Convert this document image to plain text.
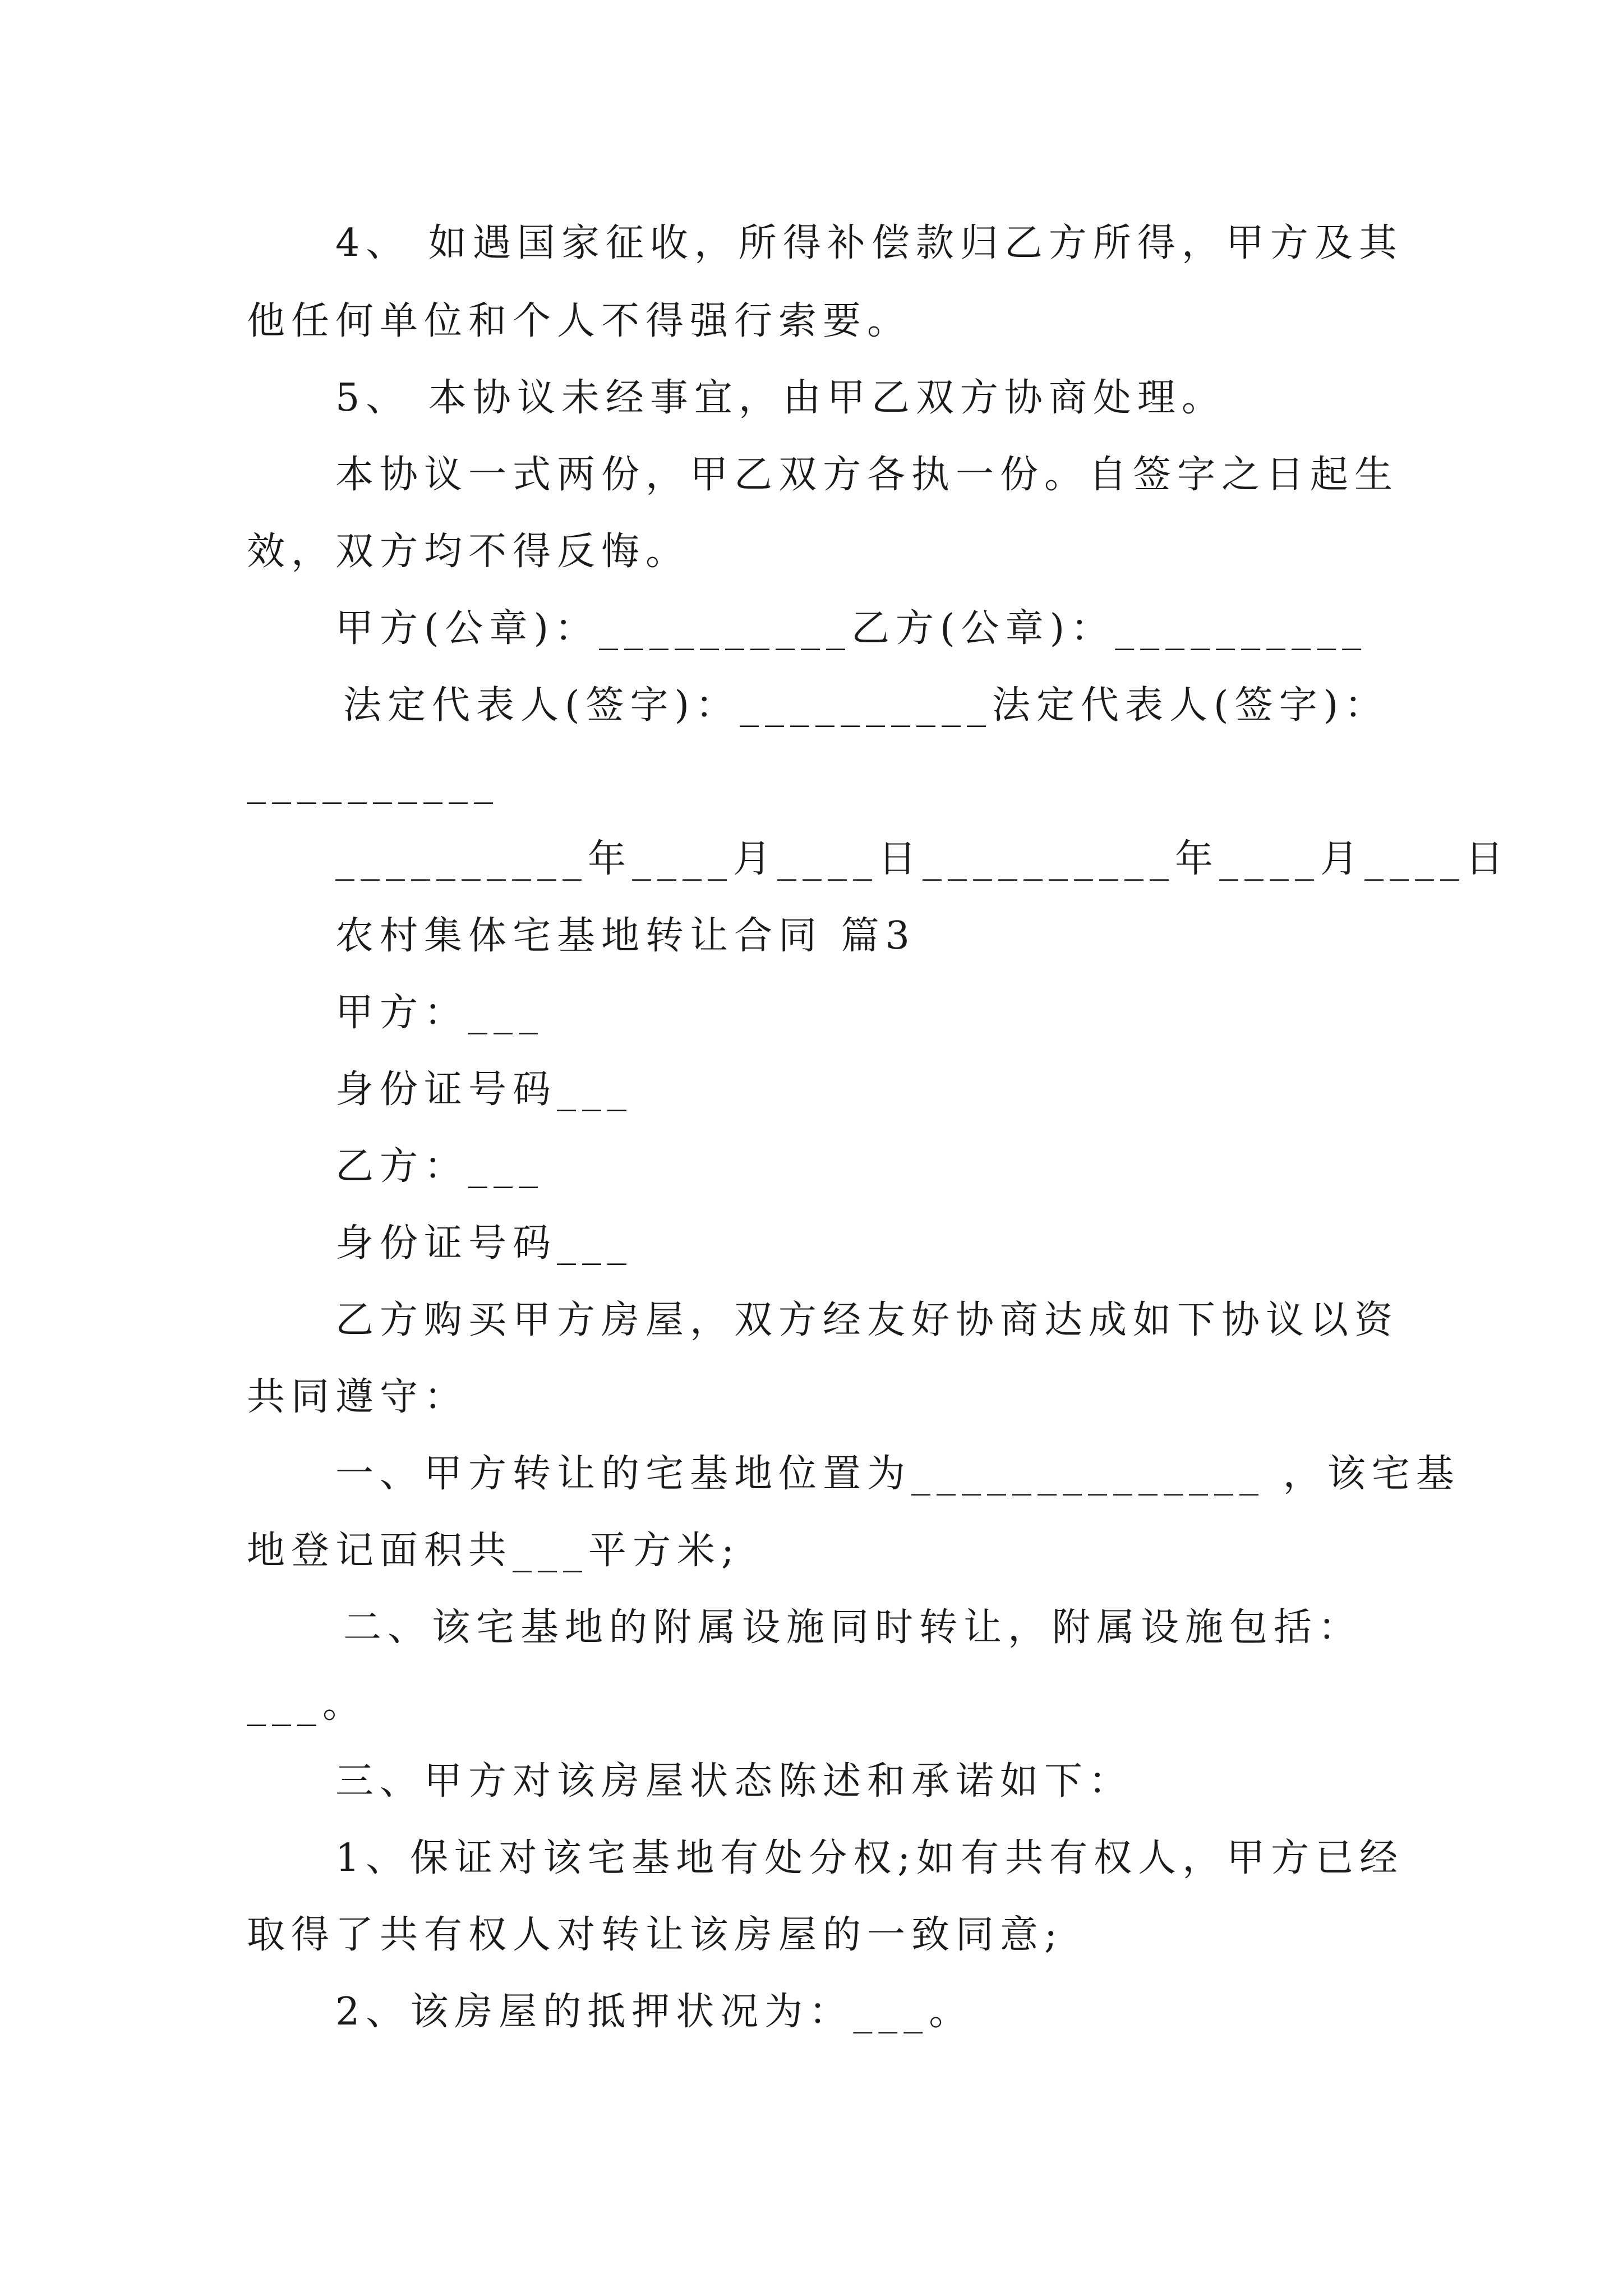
4、 如遇国家征收，所得补偿款归乙方所得，甲方及其

他任何单位和个人不得强行索要。

5、 本协议未经事宜，由甲乙双方协商处理。

本协议一式两份，甲乙双方各执一份。自签字之日起生

效，双方均不得反悔。

甲方(公章)：__________乙方(公章)：__________

法定代表人(签字)：__________法定代表人(签字)：

__________

__________年____月____日__________年____月____日

农村集体宅基地转让合同 篇3

甲方：___

身份证号码___

乙方：___

身份证号码___

乙方购买甲方房屋，双方经友好协商达成如下协议以资

共同遵守：

一、甲方转让的宅基地位置为______________ ，该宅基

地登记面积共___平方米;

二、该宅基地的附属设施同时转让，附属设施包括：

___。

三、甲方对该房屋状态陈述和承诺如下：

1、保证对该宅基地有处分权;如有共有权人，甲方已经

取得了共有权人对转让该房屋的一致同意;

2、该房屋的抵押状况为：___。
